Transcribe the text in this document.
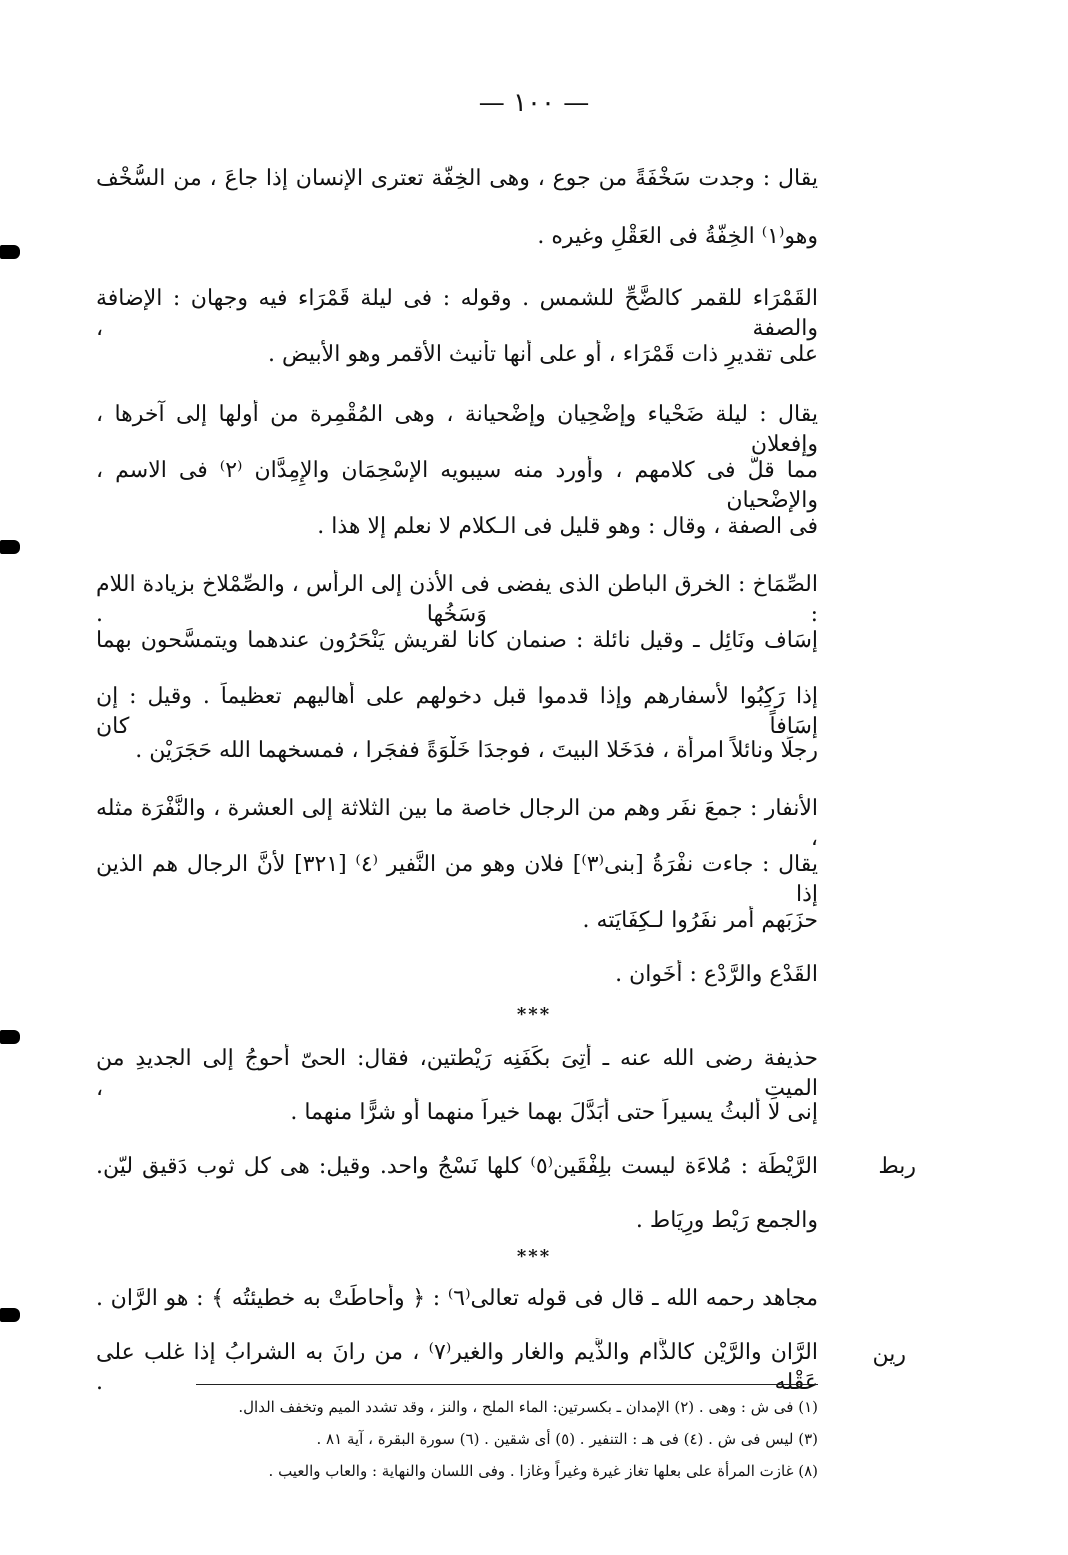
— ١٠٠ —
يقال : وجدت سَخْفَةً من جوع ، وهى الخِفّة تعترى الإنسان إذا جاعَ ، من السُّخْف
وهو⁽١⁾ الخِفّةُ فى العَقْلِ وغيره .
القَمْرَاء للقمر كالضَّحِّ للشمس . وقوله : فى ليلة قَمْرَاء فيه وجهان : الإضافة والصفة ،
على تقديرِ ذات قَمْرَاء ، أو على أنها تأنيث الأقمر وهو الأبيض .
يقال : ليلة ضَحْياء وإضْحِيان وإضْحيانة ، وهى المُقْمِرة من أولها إلى آخرها ، وإفعلان
مما قلَّ فى كلامهم ، وأورد منه سيبويه الإسْحِمَان والإِمِدَّان ⁽٢⁾ فى الاسم ، والإضْحيان
فى الصفة ، وقال : وهو قليل فى الـكلام لا نعلم إلا هذا .
الصِّمَاخ : الخرق الباطن الذى يفضى فى الأذن إلى الرأس ، والصِّمْلاخ بزيادة اللام : وَسَخُها .
إسَاف ونَائِل ـ وقيل نائلة : صنمان كانا لقريش يَنْحَرُون عندهما ويتمسَّحون بهما
إذا رَكِبُوا لأسفارهم وإذا قدموا قبل دخولهم على أهاليهم تعظيماً . وقيل : إن إسَافاً كان
رجلًا ونائلاً امرأة ، فدَخَلا البيتَ ، فوجدَا خَلْوَةً ففجَرا ، فمسخهما الله حَجَرَيْن .
الأنفار : جمعَ نفَر وهم من الرجال خاصة ما بين الثلاثة إلى العشرة ، والنَّفْرَة مثله ،
يقال : جاءت نفْرَةُ [بنى⁽٣⁾] فلان وهو من النَّفير ⁽٤⁾ [٣٢١] لأنَّ الرجال هم الذين إذا
حزَبَهم أمر نفَرُوا لـكِفَايَته .
القَدْع والرَّدْع : أخَوان .
***
حذيفة رضى الله عنه ـ أُتِىَ بكَفَنِه رَيْطتين، فقال: الحىّ أحوجُ إلى الجديدِ من الميتِ ،
إنى لا ألبثُ يسيراً حتى أُبَدَّلَ بهما خيراً منهما أو شرًّا منهما .
الرَّيْطَة : مُلاءَة ليست بلِفْقَين⁽٥⁾ كلها نَسْجُ واحد. وقيل: هى كل ثوب دَقيق ليّن.	ربط
والجمع رَيْط ورِيَاط .
***
مجاهد رحمه الله ـ قال فى قوله تعالى⁽٦⁾ : ﴿ وأحاطَتْ به خطيئتُه ﴾ : هو الرَّان .
الرَّان والرَّيْن كالذَّام والذَّيم والغار والغير⁽٧⁾ ، من رانَ به الشرابُ إذا غلب على عَقْله .
رين
(١) فى ش : وهى . (٢) الإمدان ـ بكسرتين: الماء الملح ، والنز ، وقد تشدد الميم وتخفف الدال.
(٣) ليس فى ش . (٤) فى هـ : التنفير . (٥) أى شقين . (٦) سورة البقرة ، آية ٨١ .
(٨) غازت المرأة على بعلها تغاز غيرة وغيراً وغازا . وفى اللسان والنهاية : والعاب والعيب .
